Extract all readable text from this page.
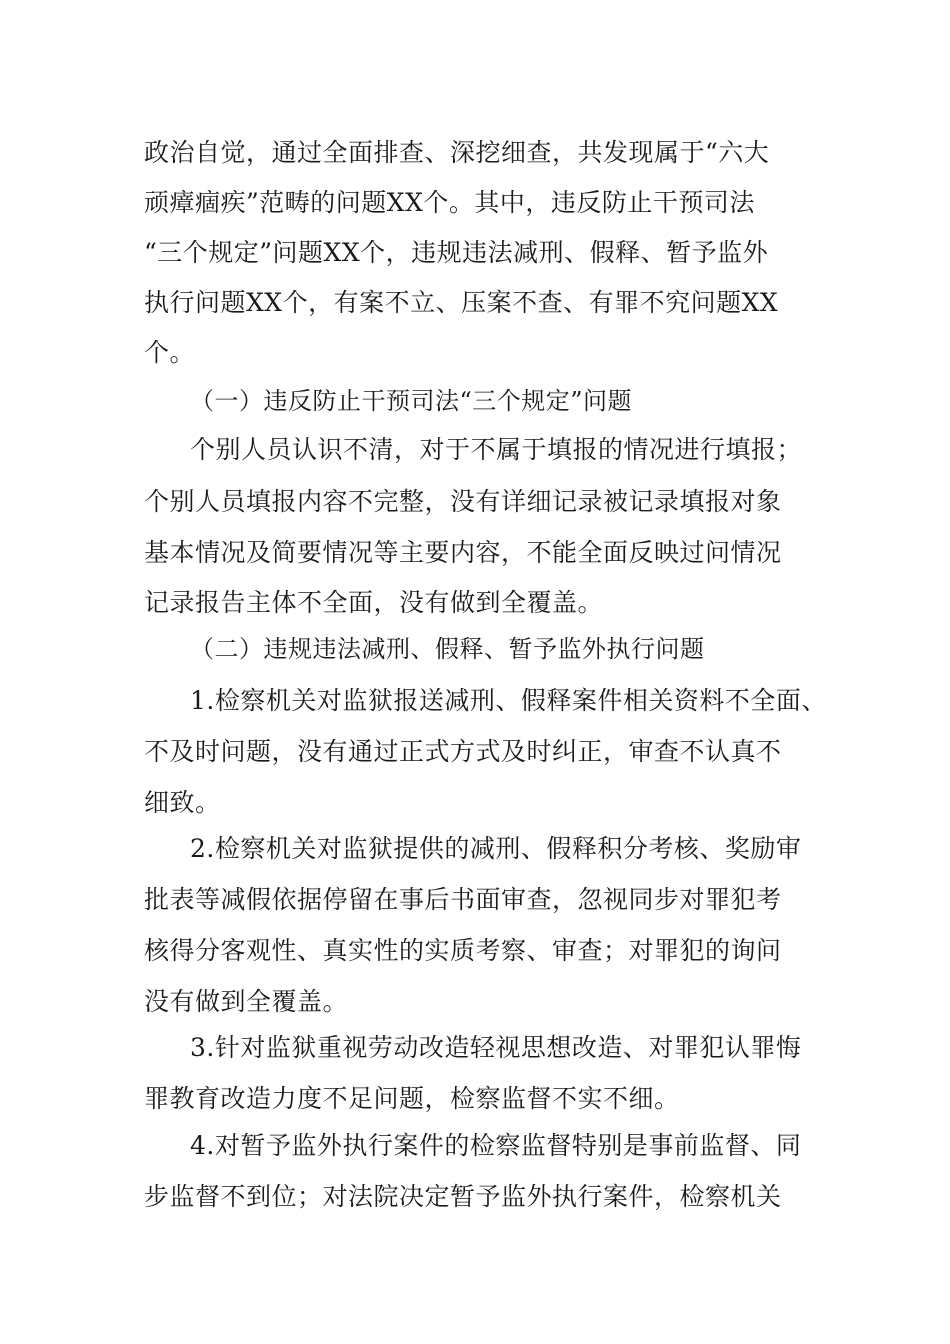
政治自觉，通过全面排查、深挖细查，共发现属于“六大
顽瘴痼疾”范畴的问题XX个。其中，违反防止干预司法
“三个规定”问题XX个，违规违法减刑、假释、暂予监外
执行问题XX个，有案不立、压案不查、有罪不究问题XX
个。
（一）违反防止干预司法“三个规定”问题
个别人员认识不清，对于不属于填报的情况进行填报；
个别人员填报内容不完整，没有详细记录被记录填报对象
基本情况及简要情况等主要内容，不能全面反映过问情况
记录报告主体不全面，没有做到全覆盖。
（二）违规违法减刑、假释、暂予监外执行问题
1.检察机关对监狱报送减刑、假释案件相关资料不全面、
不及时问题，没有通过正式方式及时纠正，审查不认真不
细致。
2.检察机关对监狱提供的减刑、假释积分考核、奖励审
批表等减假依据停留在事后书面审查，忽视同步对罪犯考
核得分客观性、真实性的实质考察、审查；对罪犯的询问
没有做到全覆盖。
3.针对监狱重视劳动改造轻视思想改造、对罪犯认罪悔
罪教育改造力度不足问题，检察监督不实不细。
4.对暂予监外执行案件的检察监督特别是事前监督、同
步监督不到位；对法院决定暂予监外执行案件，检察机关
